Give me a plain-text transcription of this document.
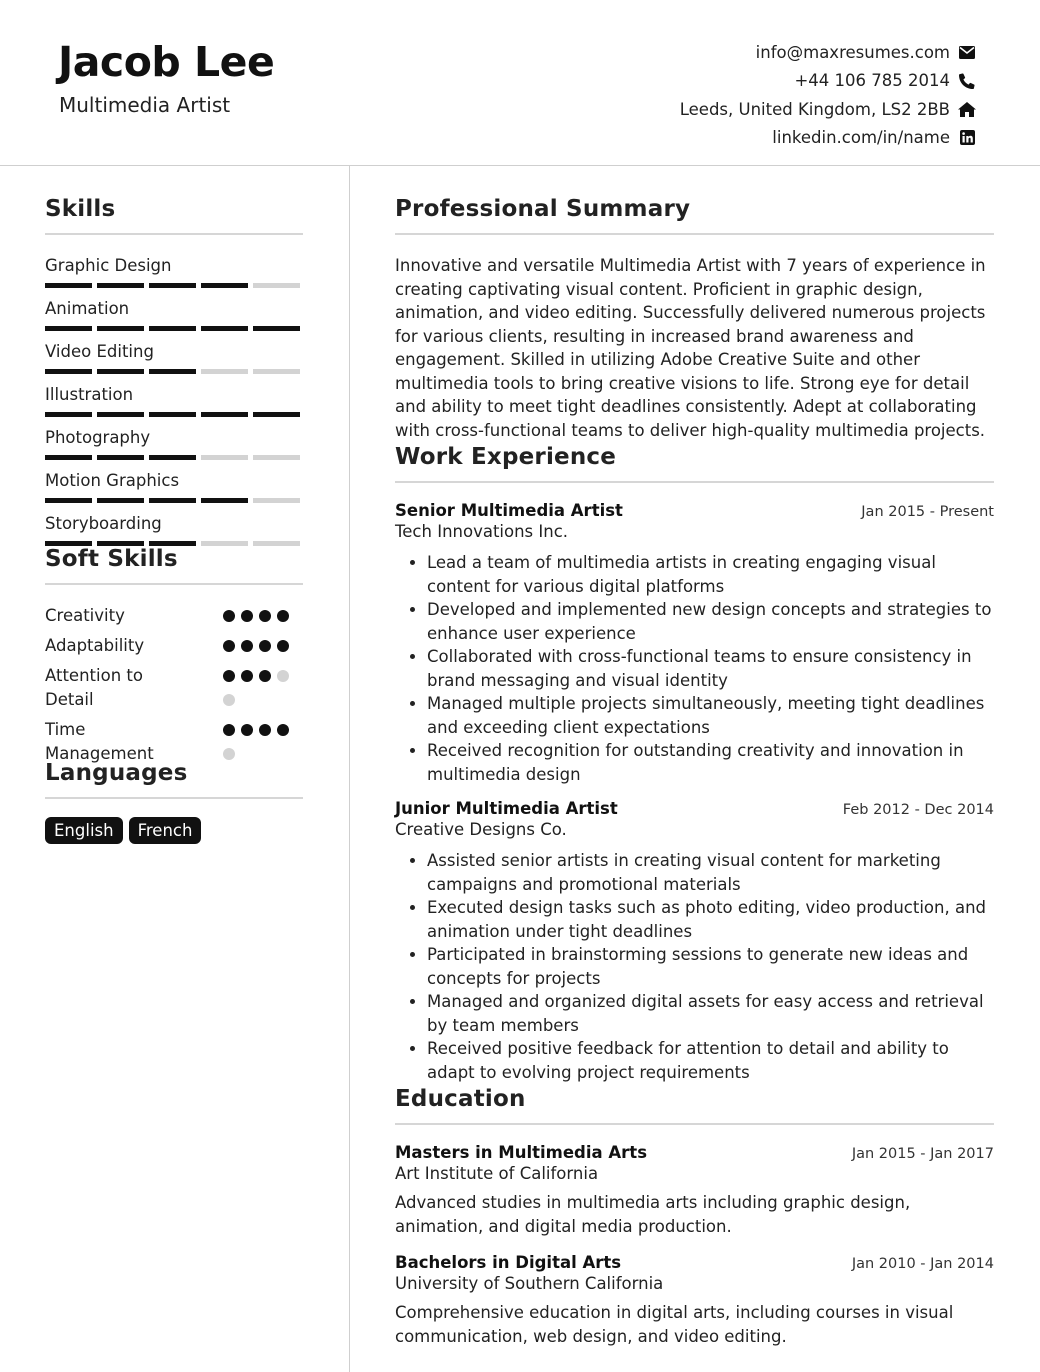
Jacob Lee
Multimedia Artist
info@maxresumes.com
+44 106 785 2014
Leeds, United Kingdom, LS2 2BB
linkedin.com/in/name
Skills
Graphic Design
Animation
Video Editing
Illustration
Photography
Motion Graphics
Storyboarding
Soft Skills
Creativity
Adaptability
Attention to Detail
Time Management
Languages
English	French
Professional Summary

Innovative and versatile Multimedia Artist with 7 years of experience in creating captivating visual content. Proficient in graphic design, animation, and video editing. Successfully delivered numerous projects for various clients, resulting in increased brand awareness and engagement. Skilled in utilizing Adobe Creative Suite and other multimedia tools to bring creative visions to life. Strong eye for detail and ability to meet tight deadlines consistently. Adept at collaborating with cross-functional teams to deliver high-quality multimedia projects.

Work Experience
Senior Multimedia Artist	Jan 2015 - Present
Tech Innovations Inc.
• Lead a team of multimedia artists in creating engaging visual content for various digital platforms
• Developed and implemented new design concepts and strategies to enhance user experience
• Collaborated with cross-functional teams to ensure consistency in brand messaging and visual identity
• Managed multiple projects simultaneously, meeting tight deadlines and exceeding client expectations
• Received recognition for outstanding creativity and innovation in multimedia design
Junior Multimedia Artist	Feb 2012 - Dec 2014
Creative Designs Co.
• Assisted senior artists in creating visual content for marketing campaigns and promotional materials
• Executed design tasks such as photo editing, video production, and animation under tight deadlines
• Participated in brainstorming sessions to generate new ideas and concepts for projects
• Managed and organized digital assets for easy access and retrieval by team members
• Received positive feedback for attention to detail and ability to adapt to evolving project requirements
Education
Masters in Multimedia Arts	Jan 2015 - Jan 2017
Art Institute of California

Advanced studies in multimedia arts including graphic design, animation, and digital media production.

Bachelors in Digital Arts	Jan 2010 - Jan 2014
University of Southern California

Comprehensive education in digital arts, including courses in visual communication, web design, and video editing.
